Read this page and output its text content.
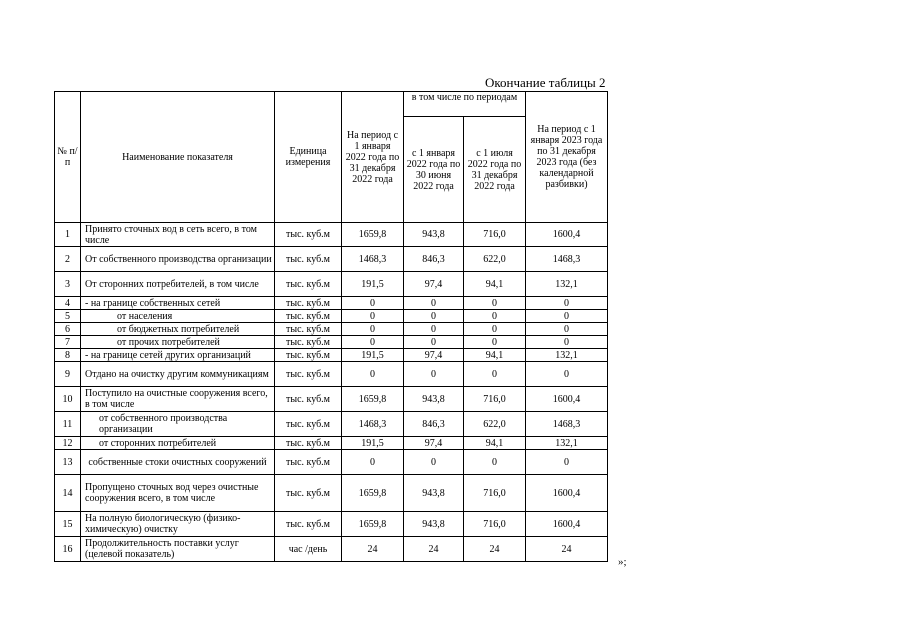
Окончание таблицы 2
№ п/п	Наименование показателя	Единица измерения	На период с 1 января 2022 года по 31 декабря 2022 года	в том числе по периодам		На период с 1 января 2023 года по 31 декабря 2023 года (без календарной разбивки)
				с 1 января 2022 года по 30 июня 2022 года	с 1 июля 2022 года по 31 декабря 2022 года	
1	Принято сточных вод в сеть всего, в том числе	тыс. куб.м	1659,8	943,8	716,0	1600,4
2	От собственного производства организации	тыс. куб.м	1468,3	846,3	622,0	1468,3
3	От сторонних потребителей, в том числе	тыс. куб.м	191,5	97,4	94,1	132,1
4	- на границе собственных сетей	тыс. куб.м	0	0	0	0
5	от населения	тыс. куб.м	0	0	0	0
6	от бюджетных потребителей	тыс. куб.м	0	0	0	0
7	от прочих потребителей	тыс. куб.м	0	0	0	0
8	- на границе сетей других организаций	тыс. куб.м	191,5	97,4	94,1	132,1
9	Отдано на очистку другим коммуникациям	тыс. куб.м	0	0	0	0
10	Поступило на очистные сооружения всего, в том числе	тыс. куб.м	1659,8	943,8	716,0	1600,4
11	от собственного производства организации	тыс. куб.м	1468,3	846,3	622,0	1468,3
12	от сторонних потребителей	тыс. куб.м	191,5	97,4	94,1	132,1
13	собственные стоки очистных сооружений	тыс. куб.м	0	0	0	0
14	Пропущено сточных вод через очистные сооружения всего, в том числе	тыс. куб.м	1659,8	943,8	716,0	1600,4
15	На полную биологическую (физико-химическую) очистку	тыс. куб.м	1659,8	943,8	716,0	1600,4
16	Продолжительность поставки услуг (целевой показатель)	час /день	24	24	24	24
»;
